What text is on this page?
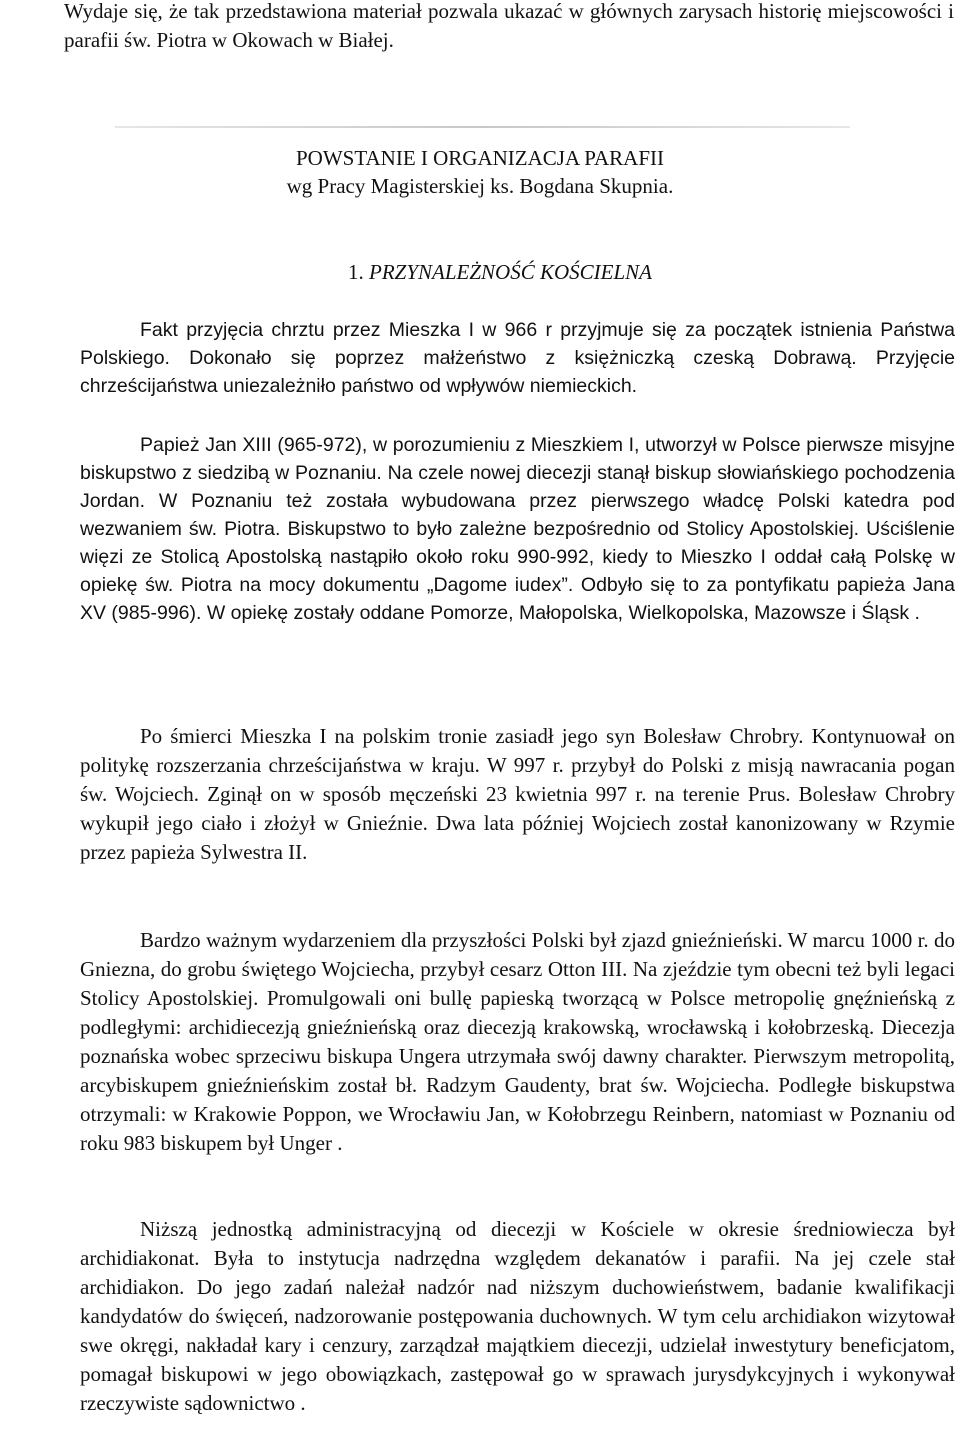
Wydaje się, że tak przedstawiona materiał pozwala ukazać w głównych zarysach historię miejscowości i parafii św. Piotra w Okowach w Białej.

POWSTANIE I ORGANIZACJA PARAFII

wg Pracy Magisterskiej ks. Bogdana Skupnia.

1. PRZYNALEŻNOŚĆ KOŚCIELNA

Fakt przyjęcia chrztu przez Mieszka I w 966 r przyjmuje się za początek istnienia Państwa Polskiego. Dokonało się poprzez małżeństwo z księżniczką czeską Dobrawą. Przyjęcie chrześcijaństwa uniezależniło państwo od wpływów niemieckich.

Papież Jan XIII (965-972), w porozumieniu z Mieszkiem I, utworzył w Polsce pierwsze misyjne biskupstwo z siedzibą w Poznaniu. Na czele nowej diecezji stanął biskup słowiańskiego pochodzenia Jordan. W Poznaniu też została wybudowana przez pierwszego władcę Polski katedra pod wezwaniem św. Piotra. Biskupstwo to było zależne bezpośrednio od Stolicy Apostolskiej. Uściślenie więzi ze Stolicą Apostolską nastąpiło około roku 990-992, kiedy to Mieszko I oddał całą Polskę w opiekę św. Piotra na mocy dokumentu „Dagome iudex”. Odbyło się to za pontyfikatu papieża Jana XV (985-996). W opiekę zostały oddane Pomorze, Małopolska, Wielkopolska, Mazowsze i Śląsk .

Po śmierci Mieszka I na polskim tronie zasiadł jego syn Bolesław Chrobry. Kontynuował on politykę rozszerzania chrześcijaństwa w kraju. W 997 r. przybył do Polski z misją nawracania pogan św. Wojciech. Zginął on w sposób męczeński 23 kwietnia 997 r. na terenie Prus. Bolesław Chrobry wykupił jego ciało i złożył w Gnieźnie. Dwa lata później Wojciech został kanonizowany w Rzymie przez papieża Sylwestra II.

Bardzo ważnym wydarzeniem dla przyszłości Polski był zjazd gnieźnieński. W marcu 1000 r. do Gniezna, do grobu świętego Wojciecha, przybył cesarz Otton III. Na zjeździe tym obecni też byli legaci Stolicy Apostolskiej. Promulgowali oni bullę papieską tworzącą w Polsce metropolię gnęźnieńską z podległymi: archidiecezją gnieźnieńską oraz diecezją krakowską, wrocławską i kołobrzeską. Diecezja poznańska wobec sprzeciwu biskupa Ungera utrzymała swój dawny charakter. Pierwszym metropolitą, arcybiskupem gnieźnieńskim został bł. Radzym Gaudenty, brat św. Wojciecha. Podległe biskupstwa otrzymali: w Krakowie Poppon, we Wrocławiu Jan, w Kołobrzegu Reinbern, natomiast w Poznaniu od roku 983 biskupem był Unger .

Niższą jednostką administracyjną od diecezji w Kościele w okresie średniowiecza był archidiakonat. Była to instytucja nadrzędna względem dekanatów i parafii. Na jej czele stał archidiakon. Do jego zadań należał nadzór nad niższym duchowieństwem, badanie kwalifikacji kandydatów do święceń, nadzorowanie postępowania duchownych. W tym celu archidiakon wizytował swe okręgi, nakładał kary i cenzury, zarządzał majątkiem diecezji, udzielał inwestytury beneficjatom, pomagał biskupowi w jego obowiązkach, zastępował go w sprawach jurysdykcyjnych i wykonywał rzeczywiste sądownictwo .
